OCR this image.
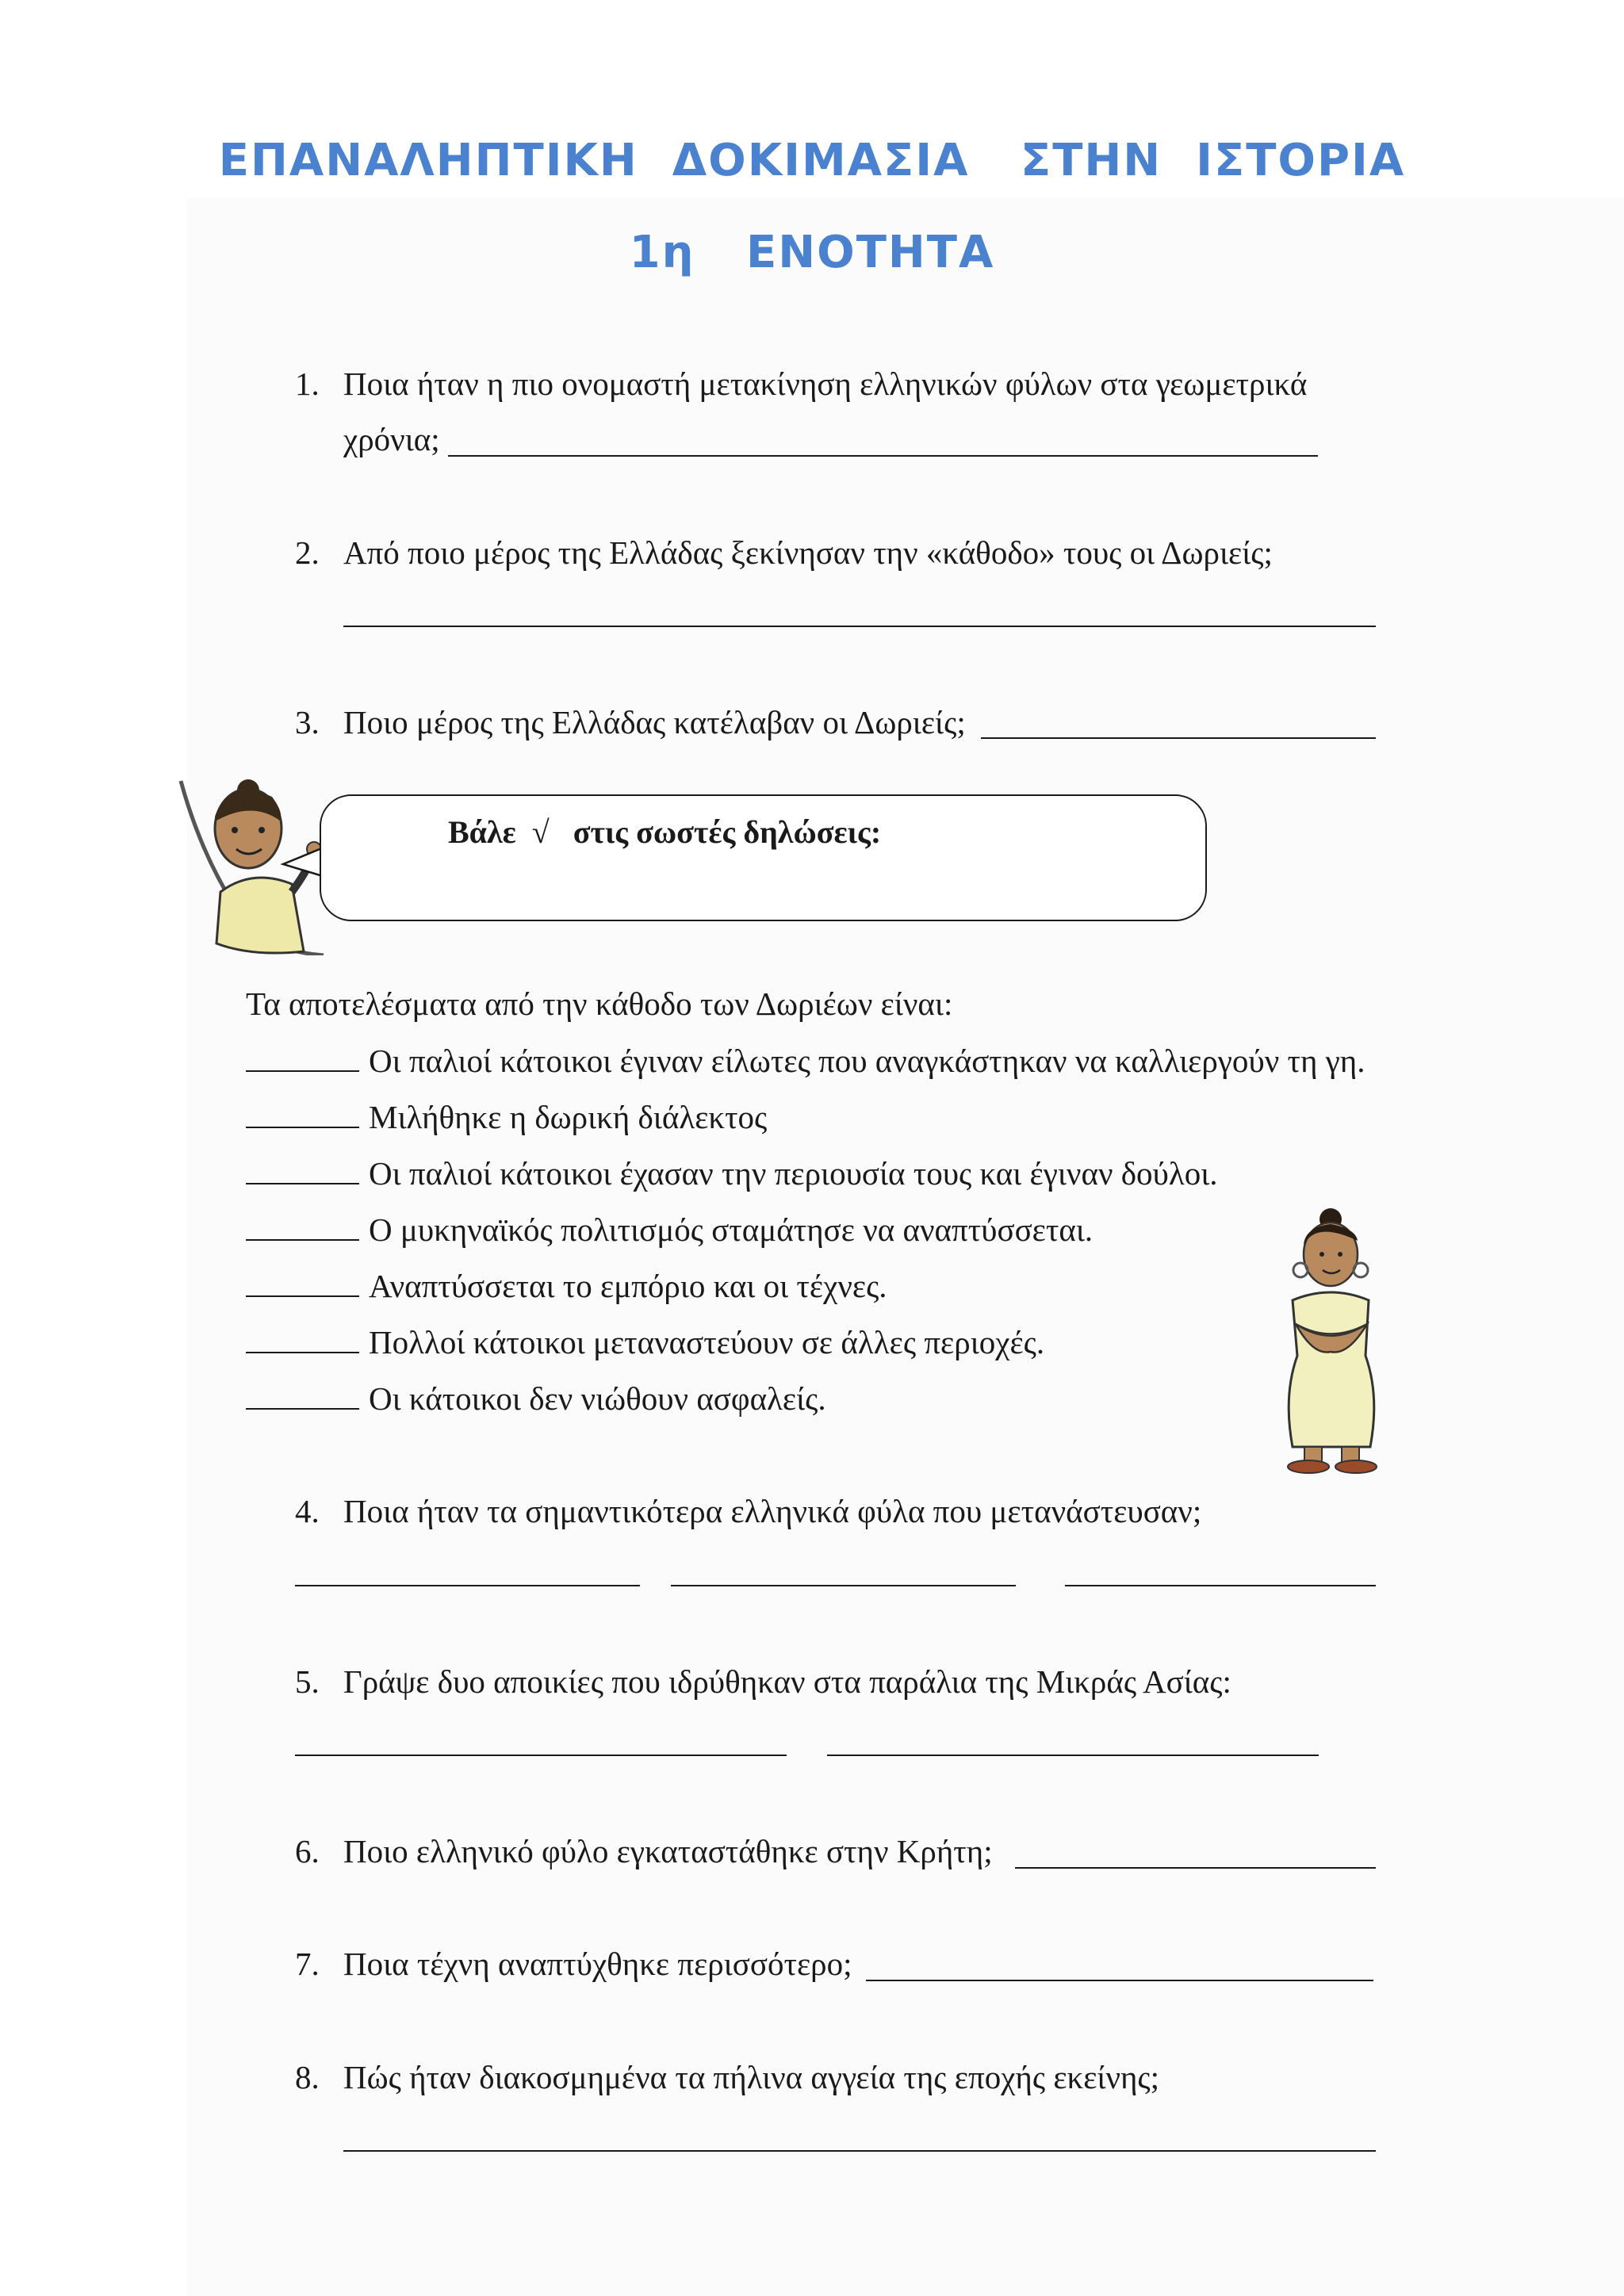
ΕΠΑΝΑΛΗΠΤΙΚΗ  ΔΟΚΙΜΑΣΙΑ   ΣΤΗΝ  ΙΣΤΟΡΙΑ
1η   ΕΝΟΤΗΤΑ
1. Ποια ήταν η πιο ονομαστή μετακίνηση ελληνικών φύλων στα γεωμετρικά
χρόνια;
2. Από ποιο μέρος της Ελλάδας ξεκίνησαν την «κάθοδο» τους οι Δωριείς;
3. Ποιο μέρος της Ελλάδας κατέλαβαν οι Δωριείς;
Βάλε  √   στις σωστές δηλώσεις:
Τα αποτελέσματα από την κάθοδο των Δωριέων είναι:
Οι παλιοί κάτοικοι έγιναν είλωτες που αναγκάστηκαν να καλλιεργούν τη γη.
Μιλήθηκε η δωρική διάλεκτος
Οι παλιοί κάτοικοι έχασαν την περιουσία τους και έγιναν δούλοι.
Ο μυκηναϊκός πολιτισμός σταμάτησε να αναπτύσσεται.
Αναπτύσσεται το εμπόριο και οι τέχνες.
Πολλοί κάτοικοι μεταναστεύουν σε άλλες περιοχές.
Οι κάτοικοι δεν νιώθουν ασφαλείς.
4. Ποια ήταν τα σημαντικότερα ελληνικά φύλα που μετανάστευσαν;
5. Γράψε δυο αποικίες που ιδρύθηκαν στα παράλια της Μικράς Ασίας:
6. Ποιο ελληνικό φύλο εγκαταστάθηκε στην Κρήτη;
7. Ποια τέχνη αναπτύχθηκε περισσότερο;
8. Πώς ήταν διακοσμημένα τα πήλινα αγγεία της εποχής εκείνης;
